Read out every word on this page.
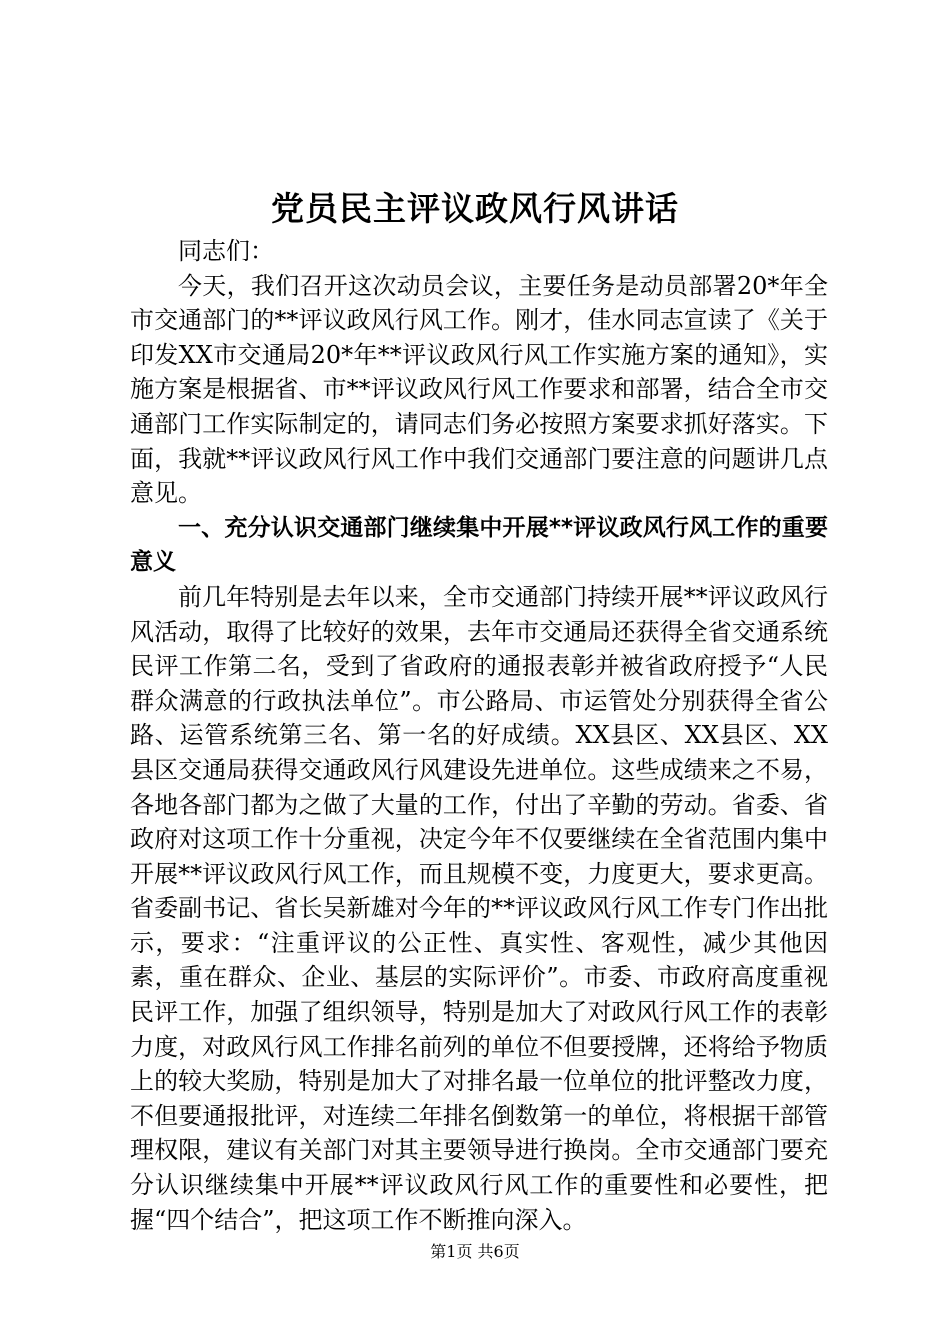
党员民主评议政风行风讲话

同志们：

今天，我们召开这次动员会议，主要任务是动员部署20*年全市交通部门的**评议政风行风工作。刚才，佳水同志宣读了《关于印发XX市交通局20*年**评议政风行风工作实施方案的通知》，实施方案是根据省、市**评议政风行风工作要求和部署，结合全市交通部门工作实际制定的，请同志们务必按照方案要求抓好落实。下面，我就**评议政风行风工作中我们交通部门要注意的问题讲几点意见。

一、充分认识交通部门继续集中开展**评议政风行风工作的重要意义

前几年特别是去年以来，全市交通部门持续开展**评议政风行风活动，取得了比较好的效果，去年市交通局还获得全省交通系统民评工作第二名，受到了省政府的通报表彰并被省政府授予“人民群众满意的行政执法单位”。市公路局、市运管处分别获得全省公路、运管系统第三名、第一名的好成绩。XX县区、XX县区、XX县区交通局获得交通政风行风建设先进单位。这些成绩来之不易，各地各部门都为之做了大量的工作，付出了辛勤的劳动。省委、省政府对这项工作十分重视，决定今年不仅要继续在全省范围内集中开展**评议政风行风工作，而且规模不变，力度更大，要求更高。省委副书记、省长吴新雄对今年的**评议政风行风工作专门作出批示，要求：“注重评议的公正性、真实性、客观性，减少其他因素，重在群众、企业、基层的实际评价”。市委、市政府高度重视民评工作，加强了组织领导，特别是加大了对政风行风工作的表彰力度，对政风行风工作排名前列的单位不但要授牌，还将给予物质上的较大奖励，特别是加大了对排名最一位单位的批评整改力度，不但要通报批评，对连续二年排名倒数第一的单位，将根据干部管理权限，建议有关部门对其主要领导进行换岗。全市交通部门要充分认识继续集中开展**评议政风行风工作的重要性和必要性，把握“四个结合”，把这项工作不断推向深入。

第1页 共6页
